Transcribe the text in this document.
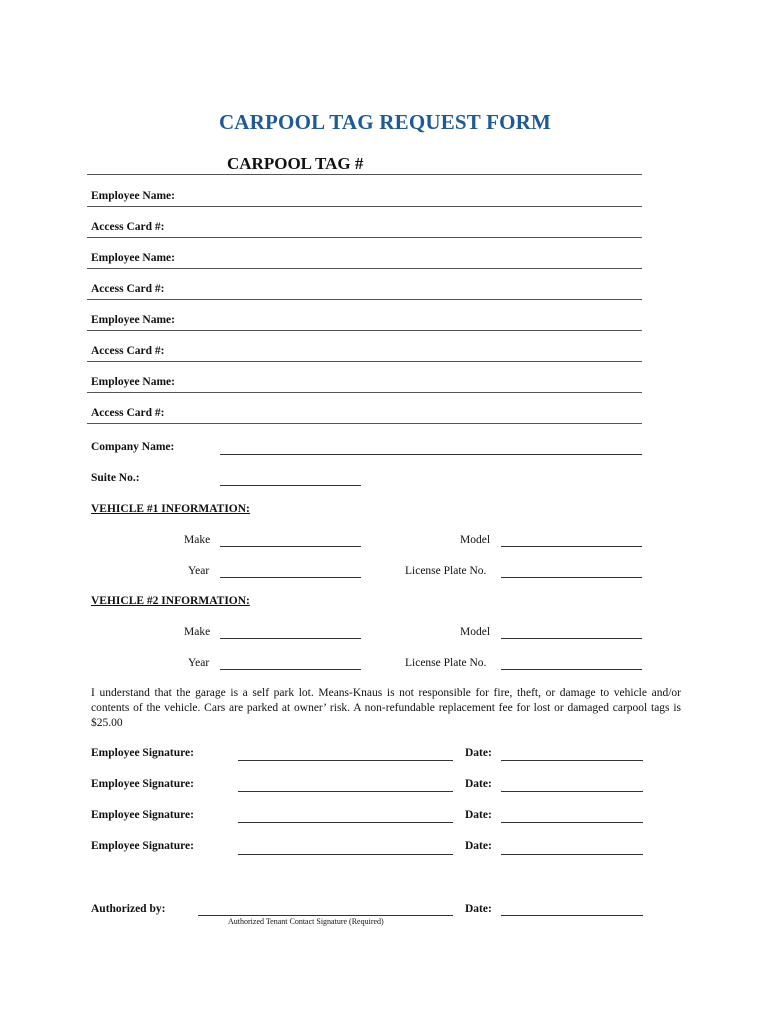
CARPOOL TAG REQUEST FORM
CARPOOL TAG #
Employee Name:
Access Card #:
Employee Name:
Access Card #:
Employee Name:
Access Card #:
Employee Name:
Access Card #:
Company Name:
Suite No.:
VEHICLE #1 INFORMATION:
Make	Model
Year	License Plate No.
VEHICLE #2 INFORMATION:
Make	Model
Year	License Plate No.
I understand that the garage is a self park lot. Means-Knaus is not responsible for fire, theft, or damage to vehicle and/or contents of the vehicle. Cars are parked at owner’ risk. A non-refundable replacement fee for lost or damaged carpool tags is $25.00
Employee Signature:	Date:
Employee Signature:	Date:
Employee Signature:	Date:
Employee Signature:	Date:
Authorized by:	Date:
Authorized Tenant Contact Signature (Required)
